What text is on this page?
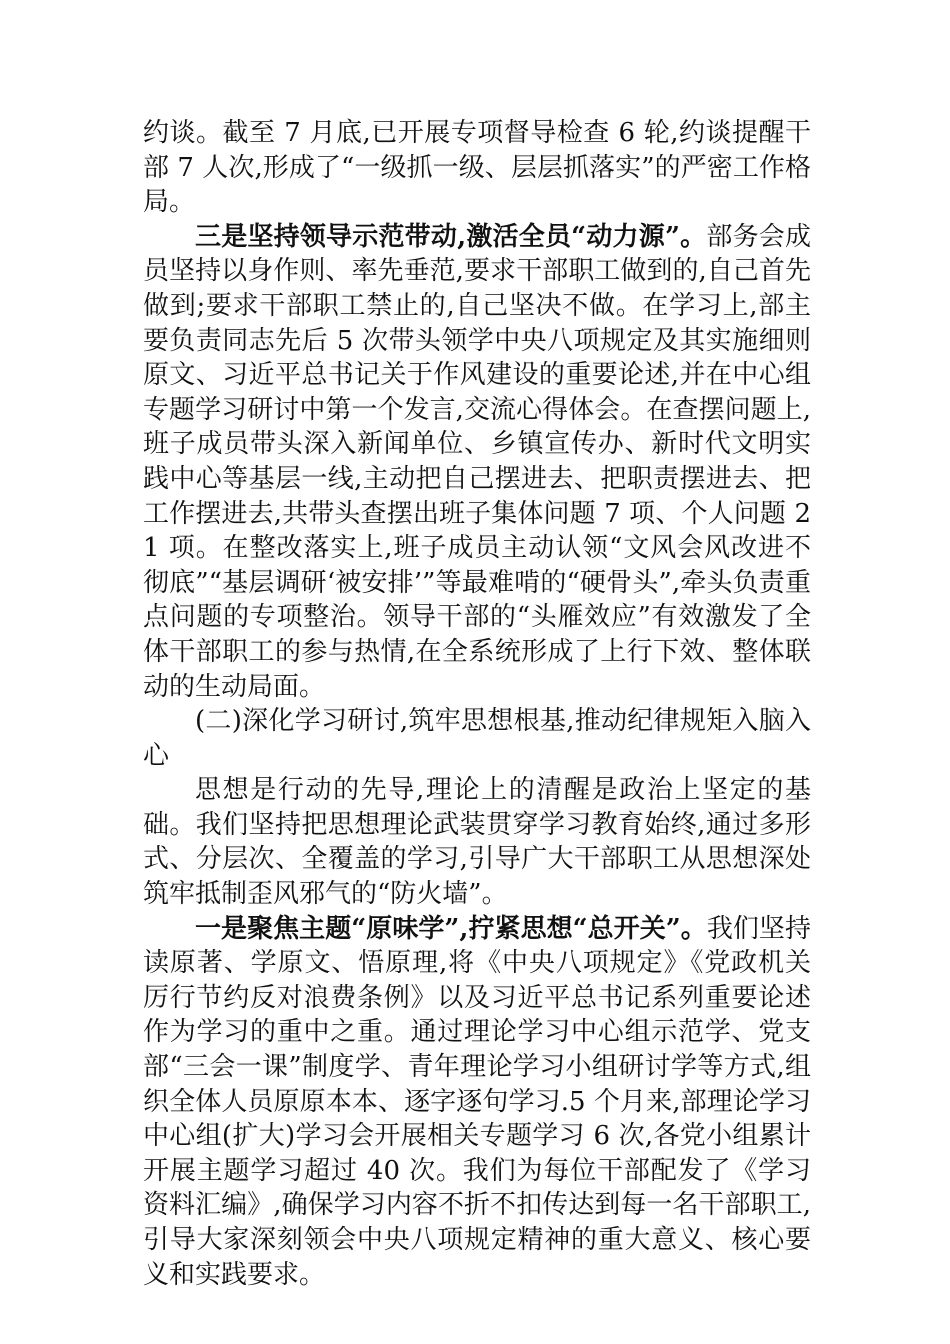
约谈。截至 7 月底,已开展专项督导检查 6 轮,约谈提醒干部 7 人次,形成了“一级抓一级、层层抓落实”的严密工作格局。

三是坚持领导示范带动,激活全员“动力源”。部务会成员坚持以身作则、率先垂范,要求干部职工做到的,自己首先做到;要求干部职工禁止的,自己坚决不做。在学习上,部主要负责同志先后 5 次带头领学中央八项规定及其实施细则原文、习近平总书记关于作风建设的重要论述,并在中心组专题学习研讨中第一个发言,交流心得体会。在查摆问题上,班子成员带头深入新闻单位、乡镇宣传办、新时代文明实践中心等基层一线,主动把自己摆进去、把职责摆进去、把工作摆进去,共带头查摆出班子集体问题 7 项、个人问题 21 项。在整改落实上,班子成员主动认领“文风会风改进不彻底”“基层调研‘被安排’”等最难啃的“硬骨头”,牵头负责重点问题的专项整治。领导干部的“头雁效应”有效激发了全体干部职工的参与热情,在全系统形成了上行下效、整体联动的生动局面。

(二)深化学习研讨,筑牢思想根基,推动纪律规矩入脑入心

思想是行动的先导,理论上的清醒是政治上坚定的基础。我们坚持把思想理论武装贯穿学习教育始终,通过多形式、分层次、全覆盖的学习,引导广大干部职工从思想深处筑牢抵制歪风邪气的“防火墙”。

一是聚焦主题“原味学”,拧紧思想“总开关”。我们坚持读原著、学原文、悟原理,将《中央八项规定》《党政机关厉行节约反对浪费条例》以及习近平总书记系列重要论述作为学习的重中之重。通过理论学习中心组示范学、党支部“三会一课”制度学、青年理论学习小组研讨学等方式,组织全体人员原原本本、逐字逐句学习.5 个月来,部理论学习中心组(扩大)学习会开展相关专题学习 6 次,各党小组累计开展主题学习超过 40 次。我们为每位干部配发了《学习资料汇编》,确保学习内容不折不扣传达到每一名干部职工,引导大家深刻领会中央八项规定精神的重大意义、核心要义和实践要求。
